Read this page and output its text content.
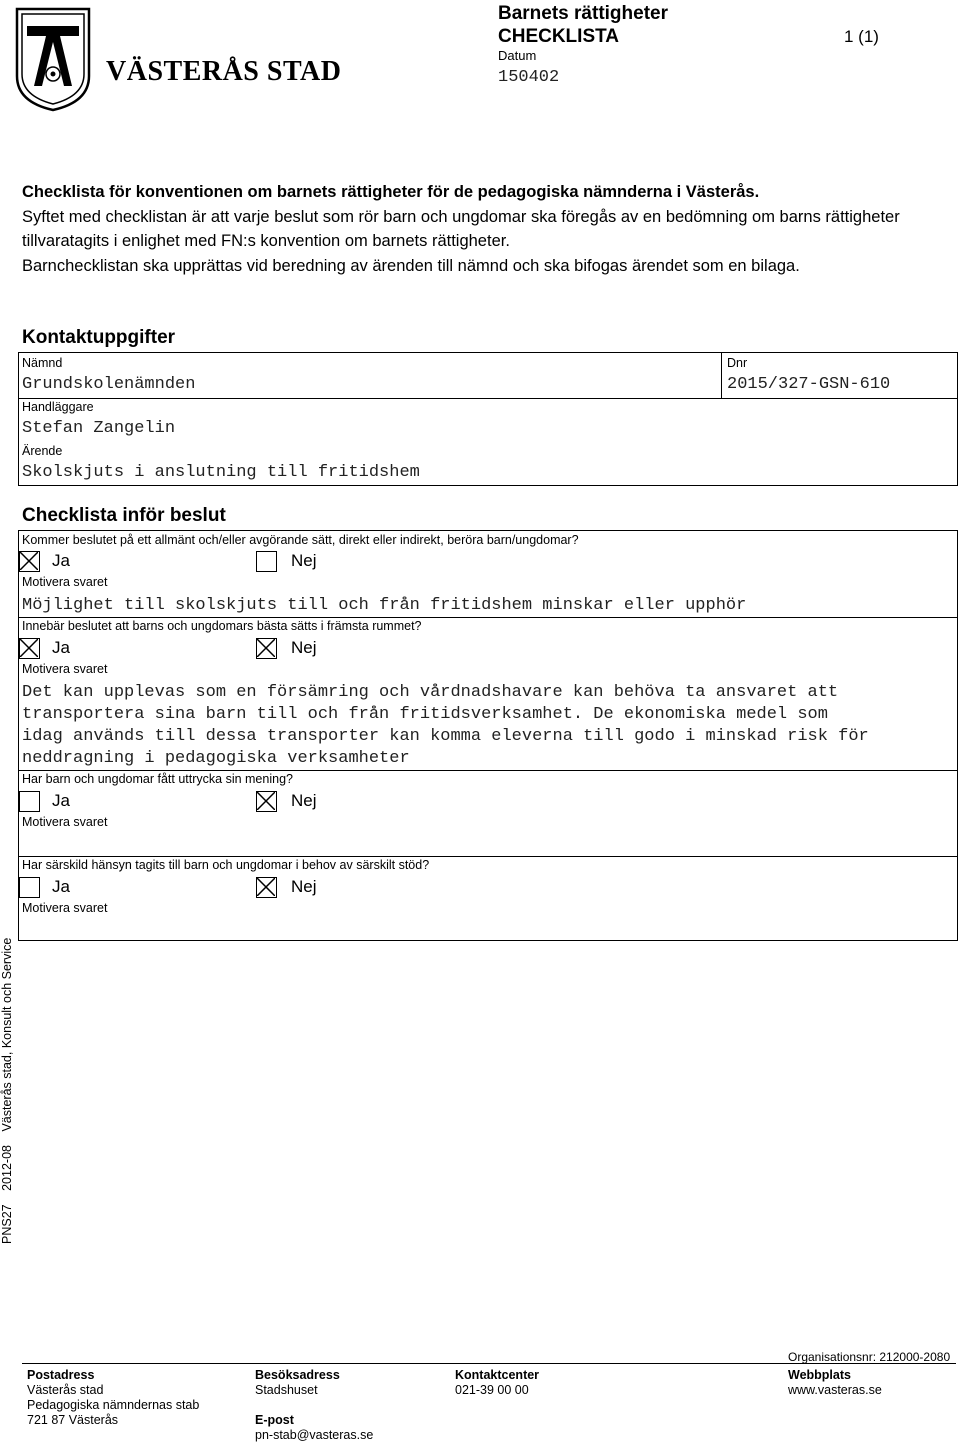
VÄSTERÅS STAD
Barnets rättigheter
CHECKLISTA	1 (1)
Datum
150402
Checklista för konventionen om barnets rättigheter för de pedagogiska nämnderna i Västerås.
Syftet med checklistan är att varje beslut som rör barn och ungdomar ska föregås av en bedömning om barns rättigheter tillvaratagits i enlighet med FN:s konvention om barnets rättigheter.
Barnchecklistan ska upprättas vid beredning av ärenden till nämnd och ska bifogas ärendet som en bilaga.
Kontaktuppgifter
Nämnd
Grundskolenämnden
Dnr
2015/327-GSN-610
Handläggare
Stefan Zangelin
Ärende
Skolskjuts i anslutning till fritidshem
Checklista inför beslut
Kommer beslutet på ett allmänt och/eller avgörande sätt, direkt eller indirekt, beröra barn/ungdomar?
Ja	Nej
Motivera svaret
Möjlighet till skolskjuts till och från fritidshem minskar eller upphör
Innebär beslutet att barns och ungdomars bästa sätts i främsta rummet?
Ja	Nej
Motivera svaret
Det kan upplevas som en försämring och vårdnadshavare kan behöva ta ansvaret att
transportera sina barn till och från fritidsverksamhet. De ekonomiska medel som
idag används till dessa transporter kan komma eleverna till godo i minskad risk för
neddragning i pedagogiska verksamheter
Har barn och ungdomar fått uttrycka sin mening?
Ja	Nej
Motivera svaret
Har särskild hänsyn tagits till barn och ungdomar i behov av särskilt stöd?
Ja	Nej
Motivera svaret
PNS27 2012-08 Västerås stad, Konsult och Service
Organisationsnr: 212000-2080
Postadress
Västerås stad
Pedagogiska nämndernas stab
721 87 Västerås
Besöksadress
Stadshuset
E-post
pn-stab@vasteras.se
Kontaktcenter
021-39 00 00
Webbplats
www.vasteras.se
